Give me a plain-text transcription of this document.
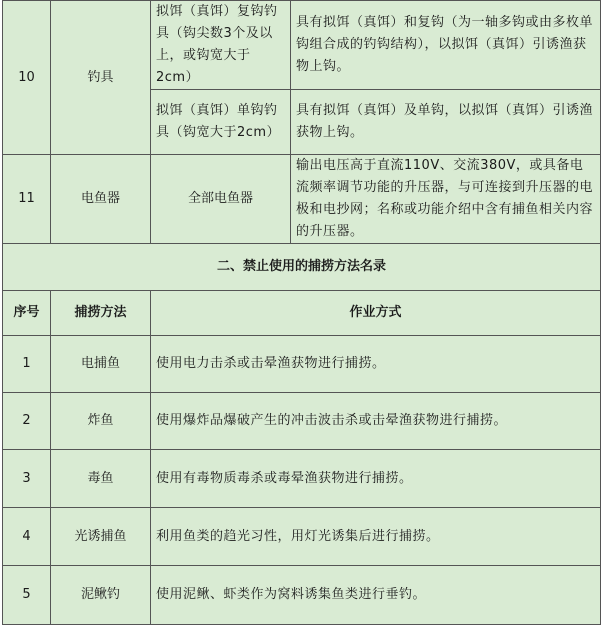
10	钓具	拟饵（真饵）复钩钓具（钩尖数3个及以上，或钩宽大于2cm）	具有拟饵（真饵）和复钩（为一轴多钩或由多枚单钩组合成的钓钩结构），以拟饵（真饵）引诱渔获物上钩。
		拟饵（真饵）单钩钓具（钩宽大于2cm）	具有拟饵（真饵）及单钩，以拟饵（真饵）引诱渔获物上钩。
11	电鱼器	全部电鱼器	输出电压高于直流110V、交流380V，或具备电流频率调节功能的升压器，与可连接到升压器的电极和电抄网；名称或功能介绍中含有捕鱼相关内容的升压器。
二、禁止使用的捕捞方法名录			
序号	捕捞方法	作业方式	
1	电捕鱼	使用电力击杀或击晕渔获物进行捕捞。	
2	炸鱼	使用爆炸品爆破产生的冲击波击杀或击晕渔获物进行捕捞。	
3	毒鱼	使用有毒物质毒杀或毒晕渔获物进行捕捞。	
4	光诱捕鱼	利用鱼类的趋光习性，用灯光诱集后进行捕捞。	
5	泥鳅钓	使用泥鳅、虾类作为窝料诱集鱼类进行垂钓。	
